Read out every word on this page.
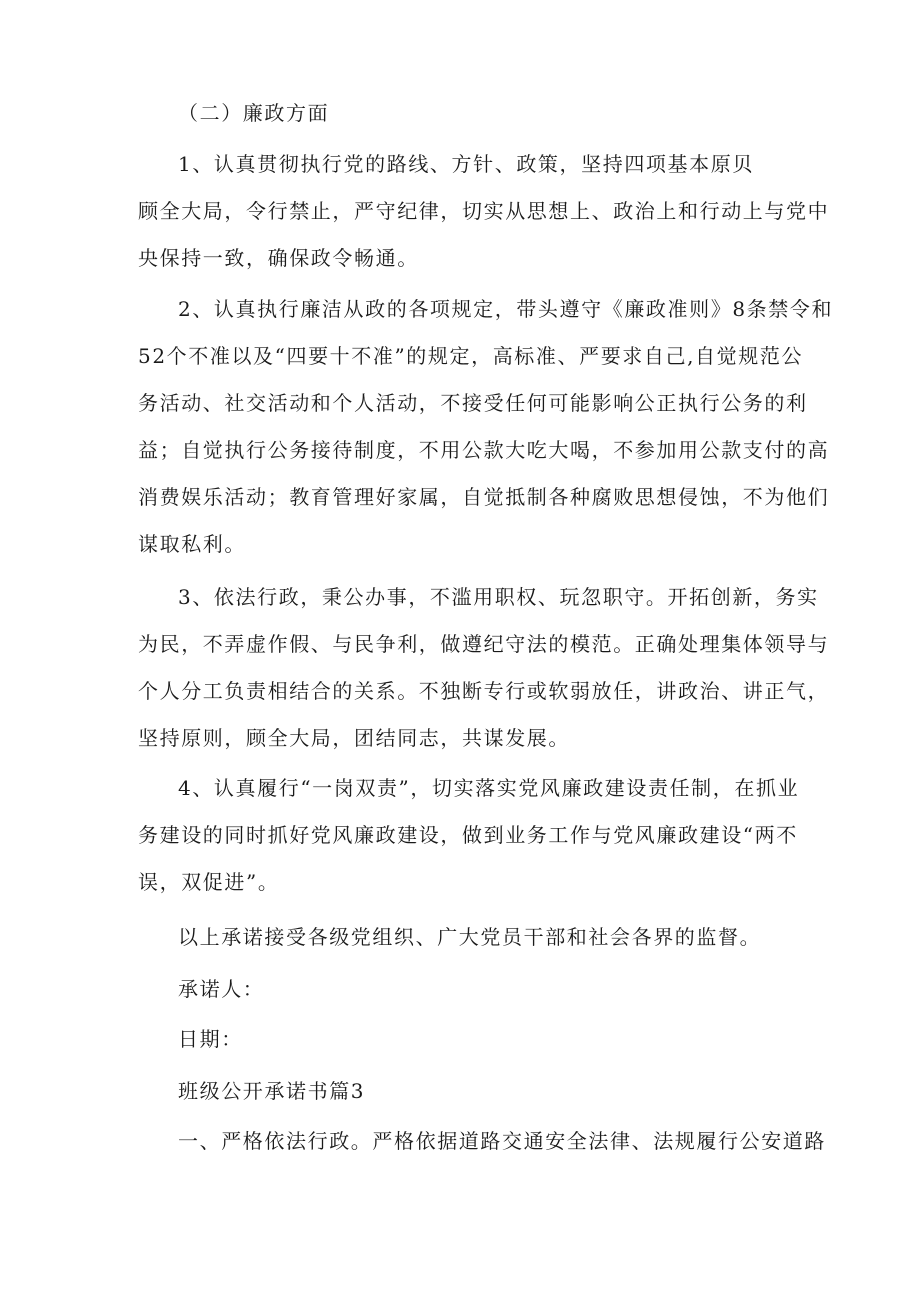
（二）廉政方面
1、认真贯彻执行党的路线、方针、政策，坚持四项基本原贝
顾全大局，令行禁止，严守纪律，切实从思想上、政治上和行动上与党中
央保持一致，确保政令畅通。
2、认真执行廉洁从政的各项规定，带头遵守《廉政准则》8条禁令和
52个不准以及“四要十不准”的规定，高标准、严要求自己,自觉规范公
务活动、社交活动和个人活动，不接受任何可能影响公正执行公务的利
益；自觉执行公务接待制度，不用公款大吃大喝，不参加用公款支付的高
消费娱乐活动；教育管理好家属，自觉抵制各种腐败思想侵蚀，不为他们
谋取私利。
3、依法行政，秉公办事，不滥用职权、玩忽职守。开拓创新，务实
为民，不弄虚作假、与民争利，做遵纪守法的模范。正确处理集体领导与
个人分工负责相结合的关系。不独断专行或软弱放任，讲政治、讲正气，
坚持原则，顾全大局，团结同志，共谋发展。
4、认真履行“一岗双责”，切实落实党风廉政建设责任制，在抓业
务建设的同时抓好党风廉政建设，做到业务工作与党风廉政建设“两不
误，双促进”。
以上承诺接受各级党组织、广大党员干部和社会各界的监督。
承诺人：
日期：
班级公开承诺书篇3
一、严格依法行政。严格依据道路交通安全法律、法规履行公安道路
